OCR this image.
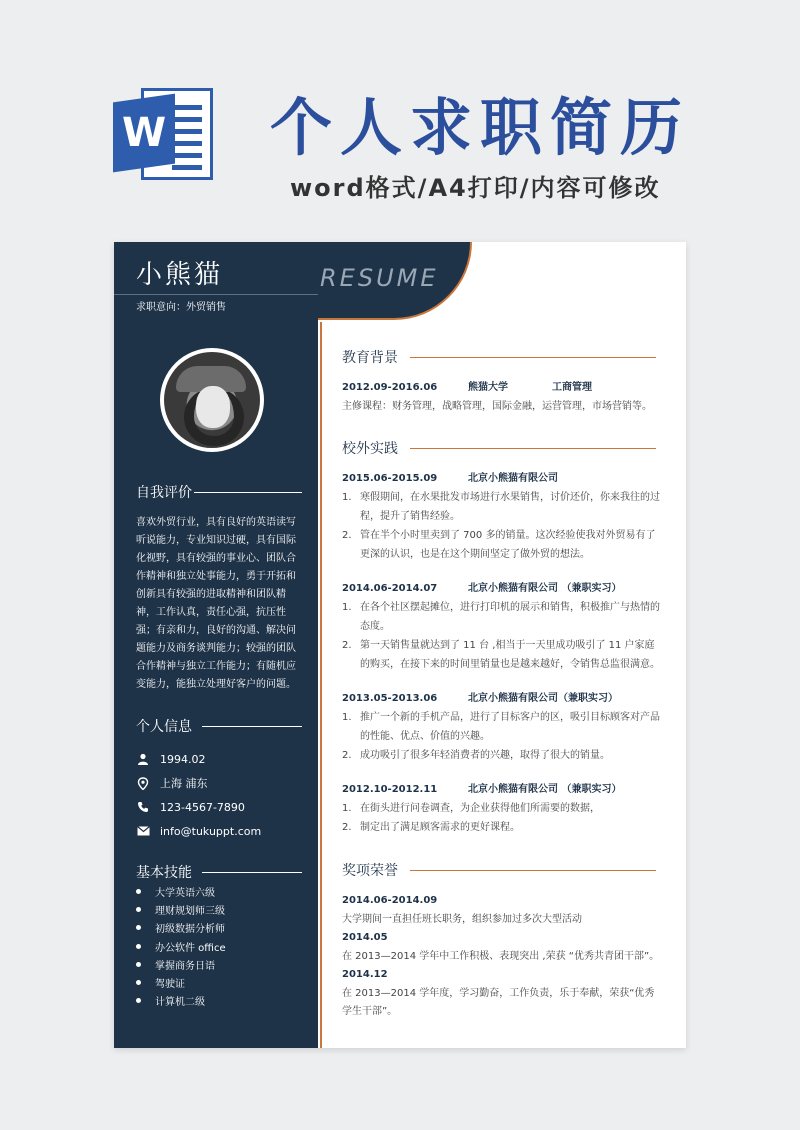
W 个人求职简历
word格式/A4打印/内容可修改
小熊猫
求职意向：外贸销售
自我评价
喜欢外贸行业，具有良好的英语读写听说能力，专业知识过硬，具有国际化视野，具有较强的事业心、团队合作精神和独立处事能力，勇于开拓和创新具有较强的进取精神和团队精神，工作认真，责任心强，抗压性强；有亲和力，良好的沟通、解决问题能力及商务谈判能力；较强的团队合作精神与独立工作能力；有随机应变能力，能独立处理好客户的问题。
个人信息
1994.02
上海 浦东
123-4567-7890
info@tukuppt.com
基本技能
大学英语六级
理财规划师三级
初级数据分析师
办公软件 office
掌握商务日语
驾驶证
计算机二级
RESUME
教育背景
2012.09-2016.06	熊猫大学	工商管理
主修课程：财务管理，战略管理，国际金融，运营管理，市场营销等。
校外实践
2015.06-2015.09	北京小熊猫有限公司
1. 寒假期间，在水果批发市场进行水果销售，讨价还价，你来我往的过程，提升了销售经验。
2. 管在半个小时里卖到了 700 多的销量。这次经验使我对外贸易有了更深的认识，也是在这个期间坚定了做外贸的想法。
2014.06-2014.07	北京小熊猫有限公司 （兼职实习）
1. 在各个社区摆起摊位，进行打印机的展示和销售，积极推广与热情的态度。
2. 第一天销售量就达到了 11 台 ,相当于一天里成功吸引了 11 户家庭的购买，在接下来的时间里销量也是越来越好，令销售总监很满意。
2013.05-2013.06	北京小熊猫有限公司（兼职实习）
1. 推广一个新的手机产品，进行了目标客户的区，吸引目标顾客对产品的性能、优点、价值的兴趣。
2. 成功吸引了很多年轻消费者的兴趣，取得了很大的销量。
2012.10-2012.11	北京小熊猫有限公司 （兼职实习）
1. 在街头进行问卷调查，为企业获得他们所需要的数据，
2. 制定出了满足顾客需求的更好课程。
奖项荣誉
2014.06-2014.09
大学期间一直担任班长职务，组织参加过多次大型活动
2014.05
在 2013—2014 学年中工作积极、表现突出 ,荣获 “优秀共青团干部”。
2014.12
在 2013—2014 学年度，学习勤奋，工作负责，乐于奉献，荣获“优秀学生干部”。
